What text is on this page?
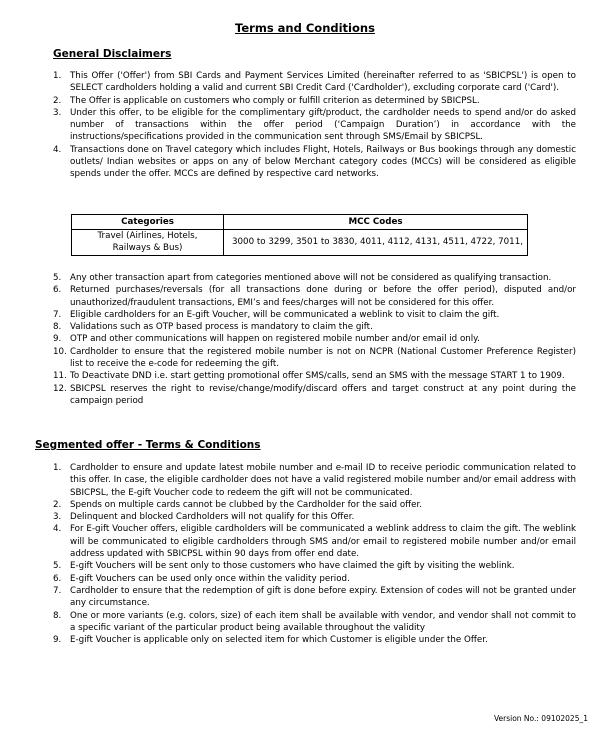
Terms and Conditions
General Disclaimers
1. This Offer ('Offer') from SBI Cards and Payment Services Limited (hereinafter referred to as 'SBICPSL') is open to SELECT cardholders holding a valid and current SBI Credit Card ('Cardholder'), excluding corporate card ('Card').
2. The Offer is applicable on customers who comply or fulfill criterion as determined by SBICPSL.
3. Under this offer, to be eligible for the complimentary gift/product, the cardholder needs to spend and/or do asked number of transactions within the offer period (‘Campaign Duration’) in accordance with the instructions/specifications provided in the communication sent through SMS/Email by SBICPSL.
4. Transactions done on Travel category which includes Flight, Hotels, Railways or Bus bookings through any domestic outlets/ Indian websites or apps on any of below Merchant category codes (MCCs) will be considered as eligible spends under the offer. MCCs are defined by respective card networks.
Categories	MCC Codes
Travel (Airlines, Hotels, Railways & Bus)	3000 to 3299, 3501 to 3830, 4011, 4112, 4131, 4511, 4722, 7011,
5. Any other transaction apart from categories mentioned above will not be considered as qualifying transaction.
6. Returned purchases/reversals (for all transactions done during or before the offer period), disputed and/or unauthorized/fraudulent transactions, EMI’s and fees/charges will not be considered for this offer.
7. Eligible cardholders for an E-gift Voucher, will be communicated a weblink to visit to claim the gift.
8. Validations such as OTP based process is mandatory to claim the gift.
9. OTP and other communications will happen on registered mobile number and/or email id only.
10. Cardholder to ensure that the registered mobile number is not on NCPR (National Customer Preference Register) list to receive the e-code for redeeming the gift.
11. To Deactivate DND i.e. start getting promotional offer SMS/calls, send an SMS with the message START 1 to 1909.
12. SBICPSL reserves the right to revise/change/modify/discard offers and target construct at any point during the campaign period
Segmented offer - Terms & Conditions
1. Cardholder to ensure and update latest mobile number and e-mail ID to receive periodic communication related to this offer. In case, the eligible cardholder does not have a valid registered mobile number and/or email address with SBICPSL, the E-gift Voucher code to redeem the gift will not be communicated.
2. Spends on multiple cards cannot be clubbed by the Cardholder for the said offer.
3. Delinquent and blocked Cardholders will not qualify for this Offer.
4. For E-gift Voucher offers, eligible cardholders will be communicated a weblink address to claim the gift. The weblink will be communicated to eligible cardholders through SMS and/or email to registered mobile number and/or email address updated with SBICPSL within 90 days from offer end date.
5. E-gift Vouchers will be sent only to those customers who have claimed the gift by visiting the weblink.
6. E-gift Vouchers can be used only once within the validity period.
7. Cardholder to ensure that the redemption of gift is done before expiry. Extension of codes will not be granted under any circumstance.
8. One or more variants (e.g. colors, size) of each item shall be available with vendor, and vendor shall not commit to a specific variant of the particular product being available throughout the validity
9. E-gift Voucher is applicable only on selected item for which Customer is eligible under the Offer.
Version No.: 09102025_1
